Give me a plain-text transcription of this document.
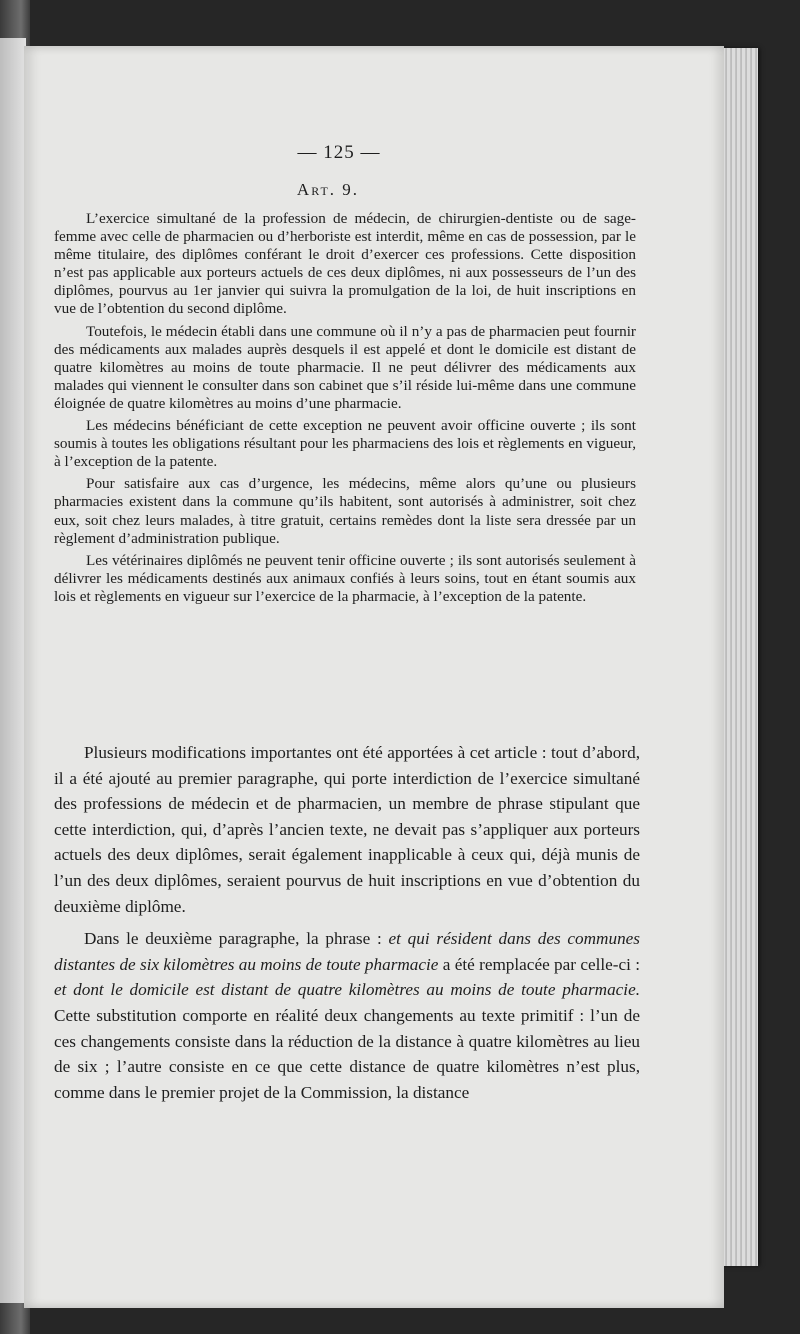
— 125 —
Art. 9.

L’exercice simultané de la profession de médecin, de chirurgien-dentiste ou de sage-femme avec celle de pharmacien ou d’herboriste est interdit, même en cas de possession, par le même titulaire, des diplômes conférant le droit d’exercer ces professions. Cette disposition n’est pas applicable aux porteurs actuels de ces deux diplômes, ni aux possesseurs de l’un des diplômes, pourvus au 1er janvier qui suivra la promulgation de la loi, de huit inscriptions en vue de l’obtention du second diplôme.

Toutefois, le médecin établi dans une commune où il n’y a pas de pharmacien peut fournir des médicaments aux malades auprès desquels il est appelé et dont le domicile est distant de quatre kilomètres au moins de toute pharmacie. Il ne peut délivrer des médicaments aux malades qui viennent le consulter dans son cabinet que s’il réside lui-même dans une commune éloignée de quatre kilomètres au moins d’une pharmacie.

Les médecins bénéficiant de cette exception ne peuvent avoir officine ouverte ; ils sont soumis à toutes les obligations résultant pour les pharmaciens des lois et règlements en vigueur, à l’exception de la patente.

Pour satisfaire aux cas d’urgence, les médecins, même alors qu’une ou plusieurs pharmacies existent dans la commune qu’ils habitent, sont autorisés à administrer, soit chez eux, soit chez leurs malades, à titre gratuit, certains remèdes dont la liste sera dressée par un règlement d’administration publique.

Les vétérinaires diplômés ne peuvent tenir officine ouverte ; ils sont autorisés seulement à délivrer les médicaments destinés aux animaux confiés à leurs soins, tout en étant soumis aux lois et règlements en vigueur sur l’exercice de la pharmacie, à l’exception de la patente.

Plusieurs modifications importantes ont été apportées à cet article : tout d’abord, il a été ajouté au premier paragraphe, qui porte interdiction de l’exercice simultané des professions de médecin et de pharmacien, un membre de phrase stipulant que cette interdiction, qui, d’après l’ancien texte, ne devait pas s’appliquer aux porteurs actuels des deux diplômes, serait également inapplicable à ceux qui, déjà munis de l’un des deux diplômes, seraient pourvus de huit inscriptions en vue d’obtention du deuxième diplôme.

Dans le deuxième paragraphe, la phrase : et qui résident dans des communes distantes de six kilomètres au moins de toute pharmacie a été remplacée par celle-ci : et dont le domicile est distant de quatre kilomètres au moins de toute pharmacie. Cette substitution comporte en réalité deux changements au texte primitif : l’un de ces changements consiste dans la réduction de la distance à quatre kilomètres au lieu de six ; l’autre consiste en ce que cette distance de quatre kilomètres n’est plus, comme dans le premier projet de la Commission, la distance
